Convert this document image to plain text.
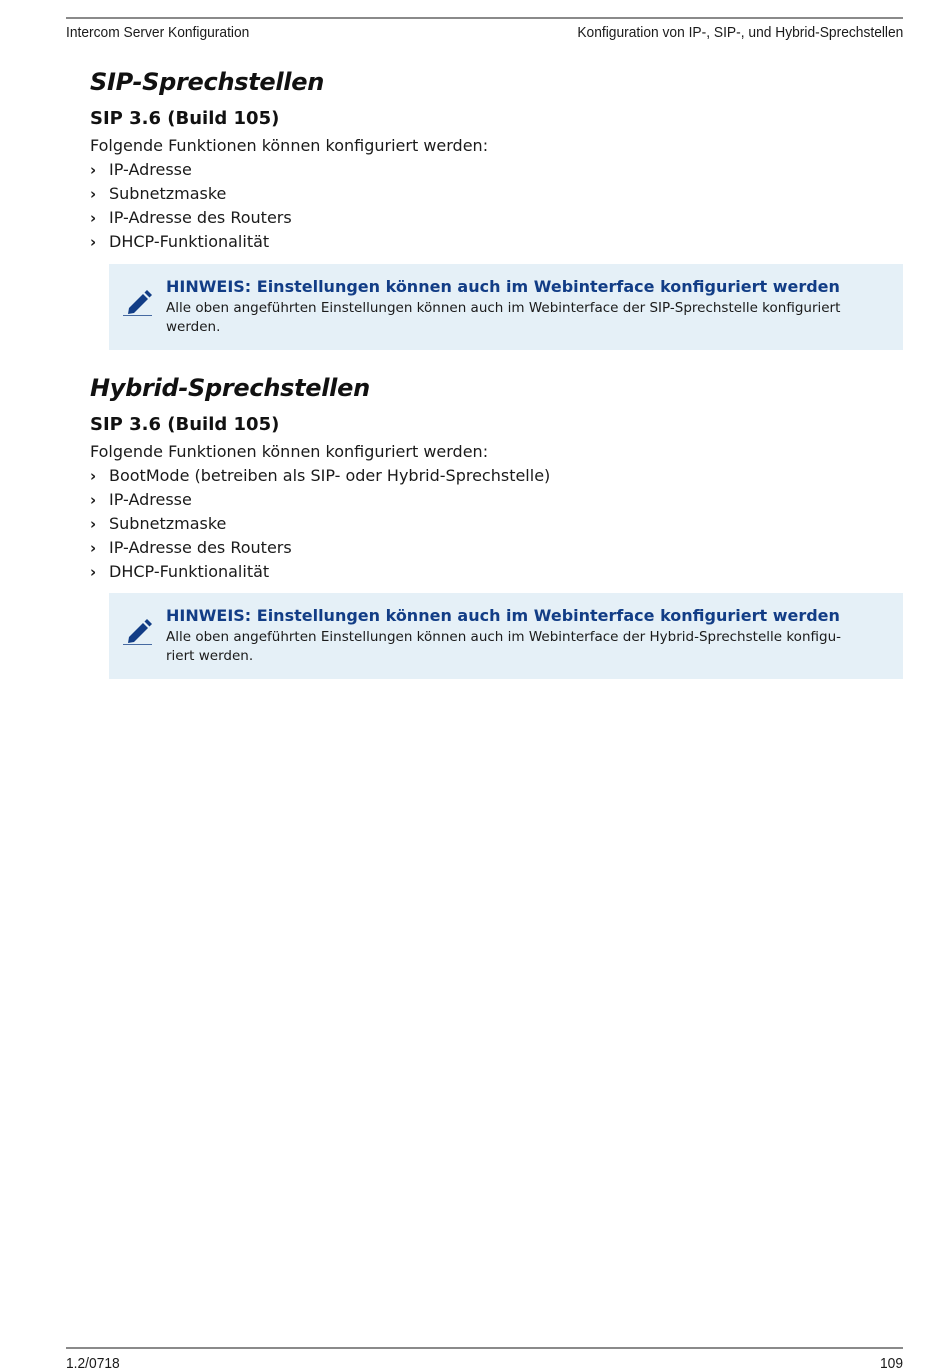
Intercom Server Konfiguration	Konfiguration von IP-, SIP-, und Hybrid-Sprechstellen
SIP-Sprechstellen
SIP 3.6 (Build 105)

Folgende Funktionen können konfiguriert werden:

› IP-Adresse
› Subnetzmaske
› IP-Adresse des Routers
› DHCP-Funktionalität
HINWEIS: Einstellungen können auch im Webinterface konfiguriert werden
Alle oben angeführten Einstellungen können auch im Webinterface der SIP-Sprechstelle konfiguriert
werden.
Hybrid-Sprechstellen
SIP 3.6 (Build 105)

Folgende Funktionen können konfiguriert werden:

› BootMode (betreiben als SIP- oder Hybrid-Sprechstelle)
› IP-Adresse
› Subnetzmaske
› IP-Adresse des Routers
› DHCP-Funktionalität
HINWEIS: Einstellungen können auch im Webinterface konfiguriert werden
Alle oben angeführten Einstellungen können auch im Webinterface der Hybrid-Sprechstelle konfigu-
riert werden.
1.2/0718	109
